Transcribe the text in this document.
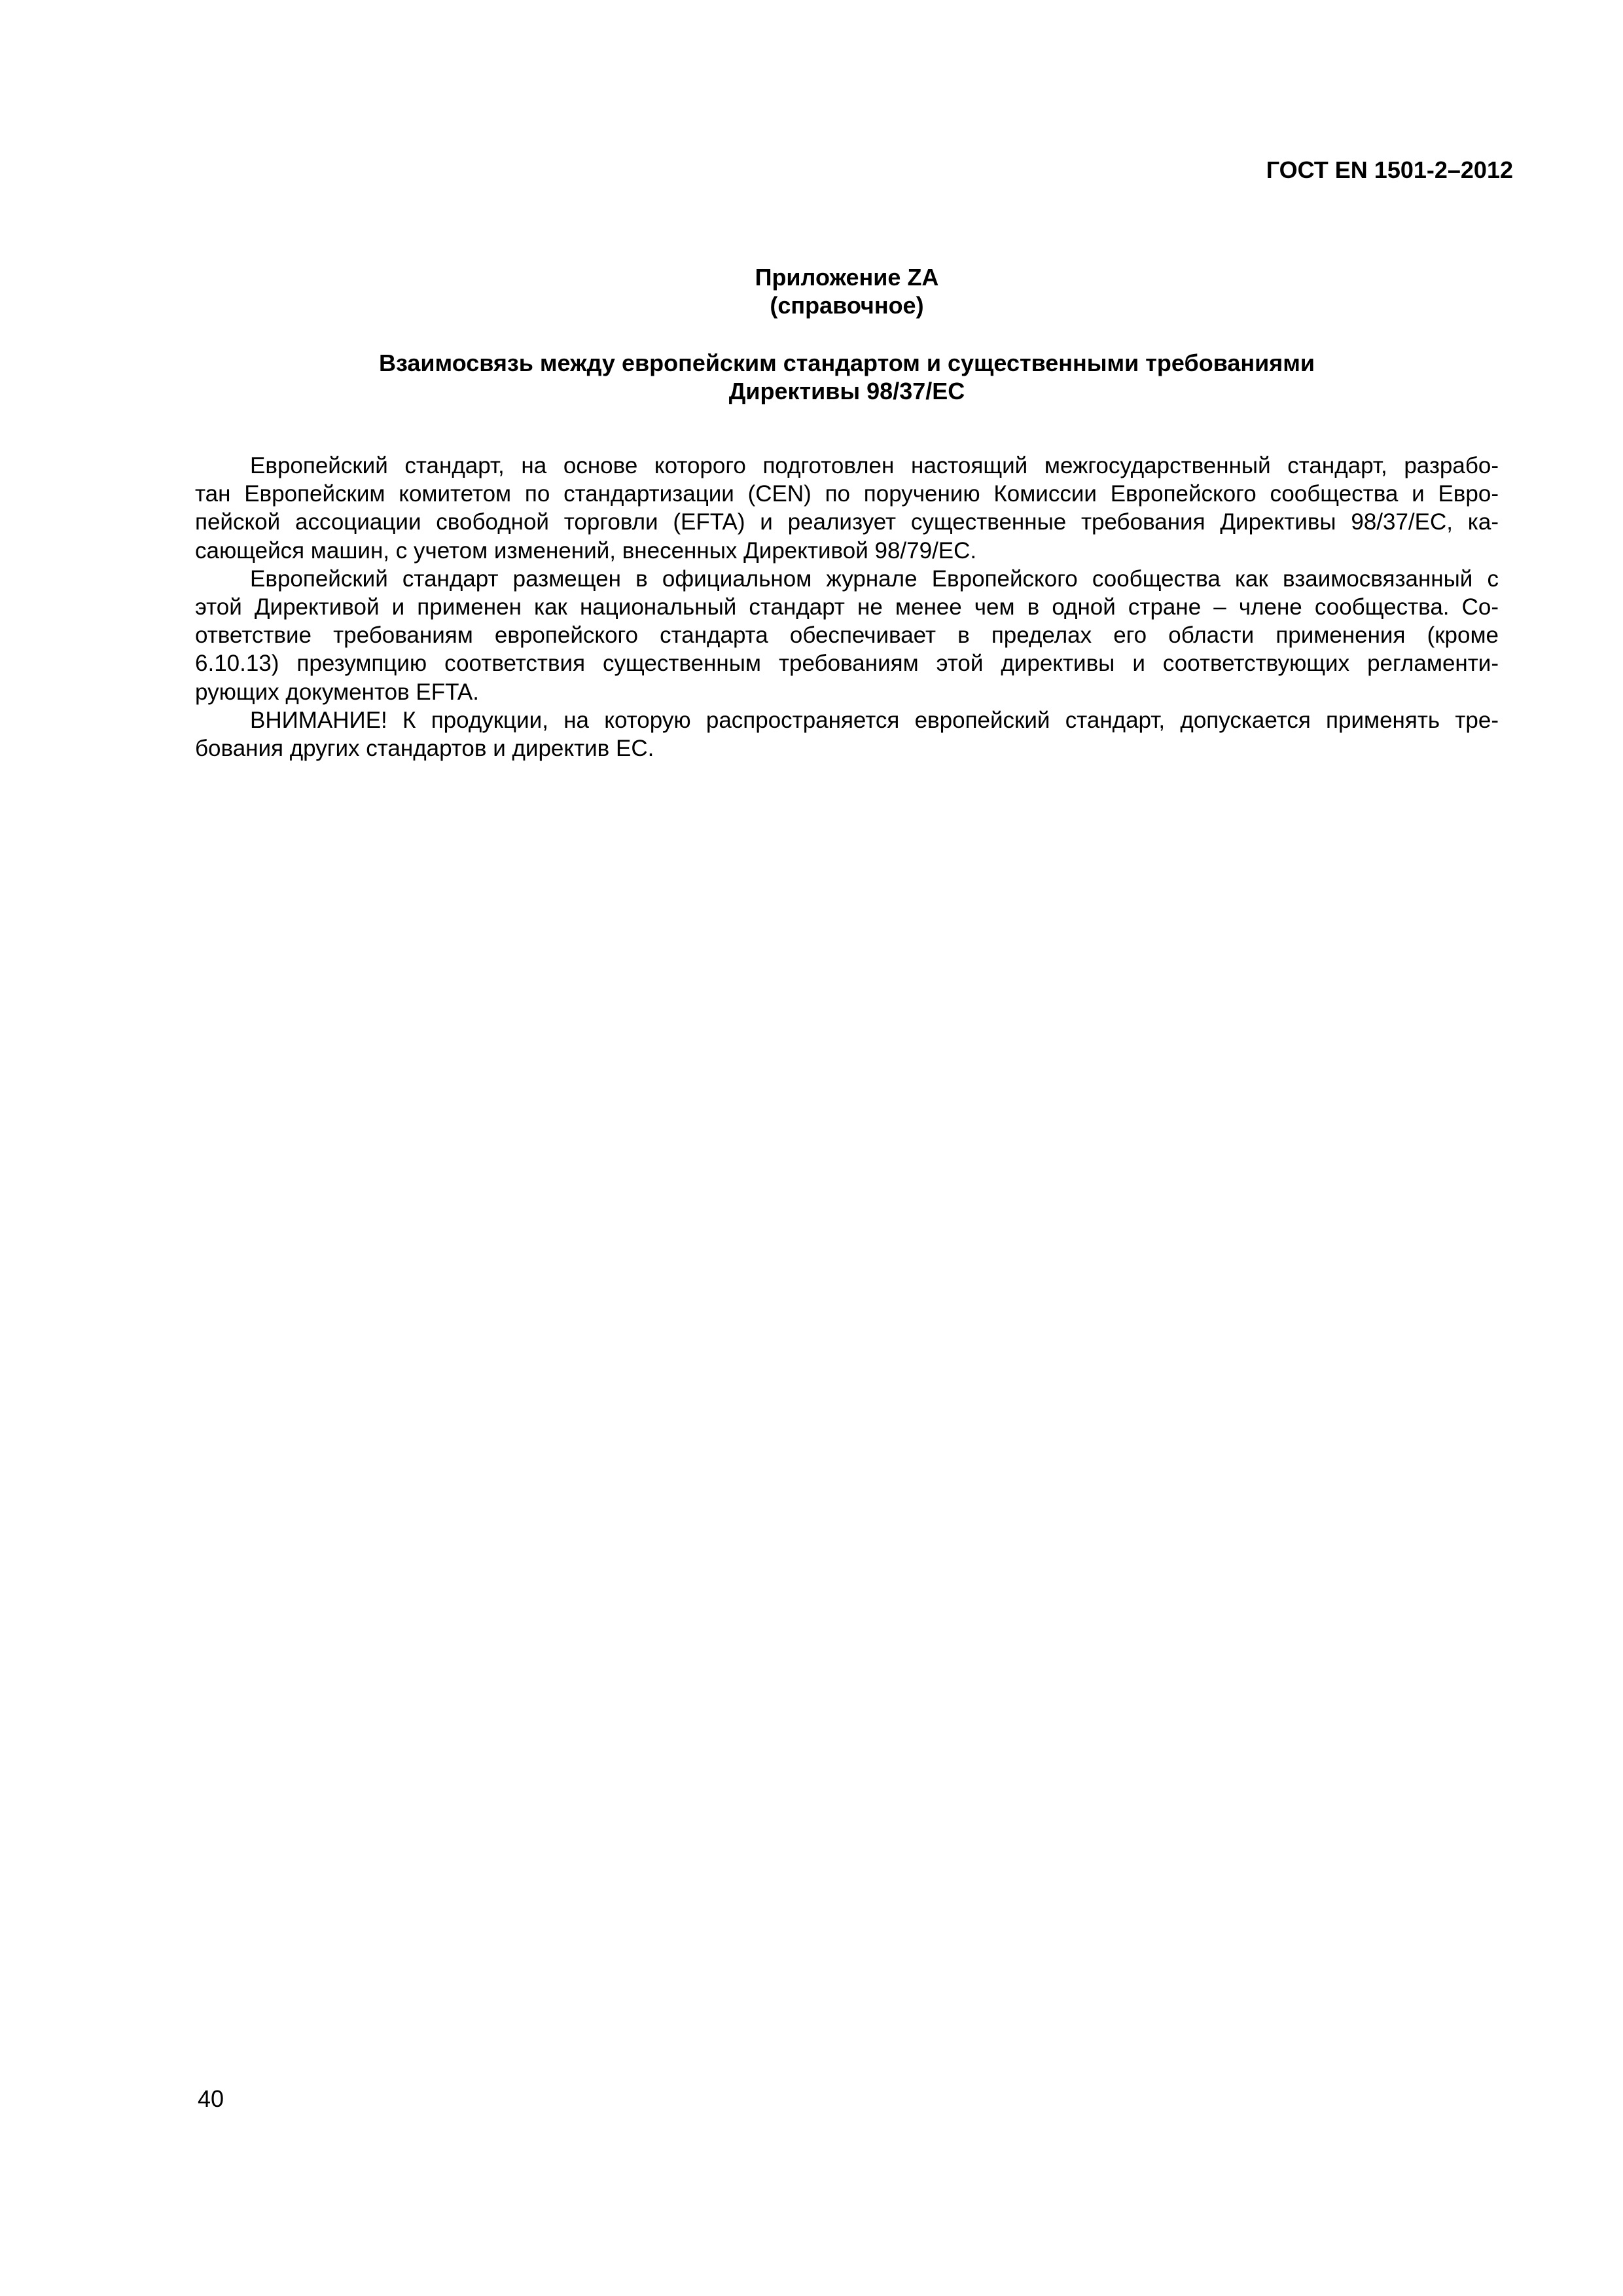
ГОСТ EN 1501-2–2012
Приложение ZA
(справочное)
Взаимосвязь между европейским стандартом и существенными требованиями
Директивы 98/37/ЕС

Европейский стандарт, на основе которого подготовлен настоящий межгосударственный стандарт, разрабо-
тан Европейским комитетом по стандартизации (CEN) по поручению Комиссии Европейского сообщества и Евро-
пейской ассоциации свободной торговли (EFTA) и реализует существенные требования Директивы 98/37/ЕС, ка-
сающейся машин, с учетом изменений, внесенных Директивой 98/79/ЕС.

Европейский стандарт размещен в официальном журнале Европейского сообщества как взаимосвязанный с
этой Директивой и применен как национальный стандарт не менее чем в одной стране – члене сообщества. Со-
ответствие требованиям европейского стандарта обеспечивает в пределах его области применения (кроме
6.10.13) презумпцию соответствия существенным требованиям этой директивы и соответствующих регламенти-
рующих документов EFTA.

ВНИМАНИЕ! К продукции, на которую распространяется европейский стандарт, допускается применять тре-
бования других стандартов и директив ЕС.

40
